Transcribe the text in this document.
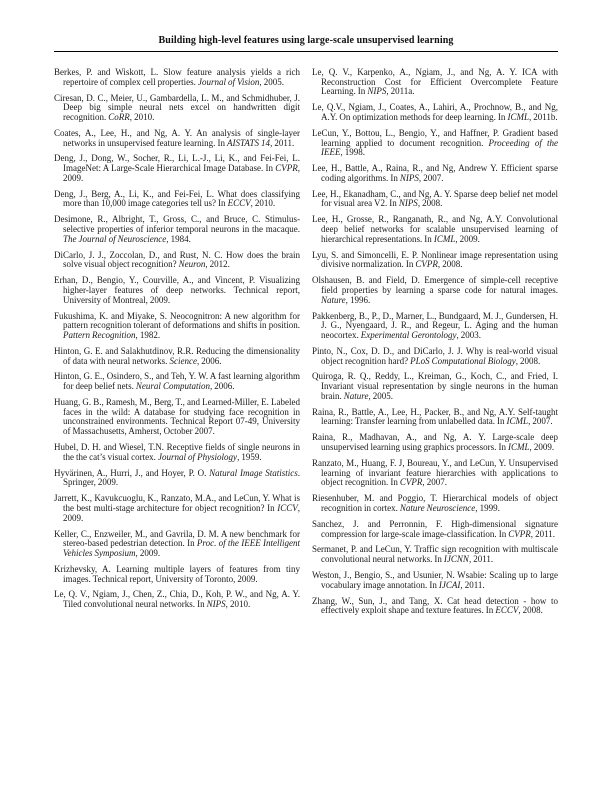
Building high-level features using large-scale unsupervised learning

Berkes, P. and Wiskott, L. Slow feature analysis yields a rich repertoire of complex cell properties. Journal of Vision, 2005.

Ciresan, D. C., Meier, U., Gambardella, L. M., and Schmidhuber, J. Deep big simple neural nets excel on handwritten digit recognition. CoRR, 2010.

Coates, A., Lee, H., and Ng, A. Y. An analysis of single-layer networks in unsupervised feature learning. In AISTATS 14, 2011.

Deng, J., Dong, W., Socher, R., Li, L.-J., Li, K., and Fei-Fei, L. ImageNet: A Large-Scale Hierarchical Image Database. In CVPR, 2009.

Deng, J., Berg, A., Li, K., and Fei-Fei, L. What does classifying more than 10,000 image categories tell us? In ECCV, 2010.

Desimone, R., Albright, T., Gross, C., and Bruce, C. Stimulus-selective properties of inferior temporal neurons in the macaque. The Journal of Neuroscience, 1984.

DiCarlo, J. J., Zoccolan, D., and Rust, N. C. How does the brain solve visual object recognition? Neuron, 2012.

Erhan, D., Bengio, Y., Courville, A., and Vincent, P. Visualizing higher-layer features of deep networks. Technical report, University of Montreal, 2009.

Fukushima, K. and Miyake, S. Neocognitron: A new algorithm for pattern recognition tolerant of deformations and shifts in position. Pattern Recognition, 1982.

Hinton, G. E. and Salakhutdinov, R.R. Reducing the dimensionality of data with neural networks. Science, 2006.

Hinton, G. E., Osindero, S., and Teh, Y. W. A fast learning algorithm for deep belief nets. Neural Computation, 2006.

Huang, G. B., Ramesh, M., Berg, T., and Learned-Miller, E. Labeled faces in the wild: A database for studying face recognition in unconstrained environments. Technical Report 07-49, University of Massachusetts, Amherst, October 2007.

Hubel, D. H. and Wiesel, T.N. Receptive fields of single neurons in the the cat’s visual cortex. Journal of Physiology, 1959.

Hyvärinen, A., Hurri, J., and Hoyer, P. O. Natural Image Statistics. Springer, 2009.

Jarrett, K., Kavukcuoglu, K., Ranzato, M.A., and LeCun, Y. What is the best multi-stage architecture for object recognition? In ICCV, 2009.

Keller, C., Enzweiler, M., and Gavrila, D. M. A new benchmark for stereo-based pedestrian detection. In Proc. of the IEEE Intelligent Vehicles Symposium, 2009.

Krizhevsky, A. Learning multiple layers of features from tiny images. Technical report, University of Toronto, 2009.

Le, Q. V., Ngiam, J., Chen, Z., Chia, D., Koh, P. W., and Ng, A. Y. Tiled convolutional neural networks. In NIPS, 2010.

Le, Q. V., Karpenko, A., Ngiam, J., and Ng, A. Y. ICA with Reconstruction Cost for Efficient Overcomplete Feature Learning. In NIPS, 2011a.

Le, Q.V., Ngiam, J., Coates, A., Lahiri, A., Prochnow, B., and Ng, A.Y. On optimization methods for deep learning. In ICML, 2011b.

LeCun, Y., Bottou, L., Bengio, Y., and Haffner, P. Gradient based learning applied to document recognition. Proceeding of the IEEE, 1998.

Lee, H., Battle, A., Raina, R., and Ng, Andrew Y. Efficient sparse coding algorithms. In NIPS, 2007.

Lee, H., Ekanadham, C., and Ng, A. Y. Sparse deep belief net model for visual area V2. In NIPS, 2008.

Lee, H., Grosse, R., Ranganath, R., and Ng, A.Y. Convolutional deep belief networks for scalable unsupervised learning of hierarchical representations. In ICML, 2009.

Lyu, S. and Simoncelli, E. P. Nonlinear image representation using divisive normalization. In CVPR, 2008.

Olshausen, B. and Field, D. Emergence of simple-cell receptive field properties by learning a sparse code for natural images. Nature, 1996.

Pakkenberg, B., P., D., Marner, L., Bundgaard, M. J., Gundersen, H. J. G., Nyengaard, J. R., and Regeur, L. Aging and the human neocortex. Experimental Gerontology, 2003.

Pinto, N., Cox, D. D., and DiCarlo, J. J. Why is real-world visual object recognition hard? PLoS Computational Biology, 2008.

Quiroga, R. Q., Reddy, L., Kreiman, G., Koch, C., and Fried, I. Invariant visual representation by single neurons in the human brain. Nature, 2005.

Raina, R., Battle, A., Lee, H., Packer, B., and Ng, A.Y. Self-taught learning: Transfer learning from unlabelled data. In ICML, 2007.

Raina, R., Madhavan, A., and Ng, A. Y. Large-scale deep unsupervised learning using graphics processors. In ICML, 2009.

Ranzato, M., Huang, F. J, Boureau, Y., and LeCun, Y. Unsupervised learning of invariant feature hierarchies with applications to object recognition. In CVPR, 2007.

Riesenhuber, M. and Poggio, T. Hierarchical models of object recognition in cortex. Nature Neuroscience, 1999.

Sanchez, J. and Perronnin, F. High-dimensional signature compression for large-scale image-classification. In CVPR, 2011.

Sermanet, P. and LeCun, Y. Traffic sign recognition with multiscale convolutional neural networks. In IJCNN, 2011.

Weston, J., Bengio, S., and Usunier, N. Wsabie: Scaling up to large vocabulary image annotation. In IJCAI, 2011.

Zhang, W., Sun, J., and Tang, X. Cat head detection - how to effectively exploit shape and texture features. In ECCV, 2008.
